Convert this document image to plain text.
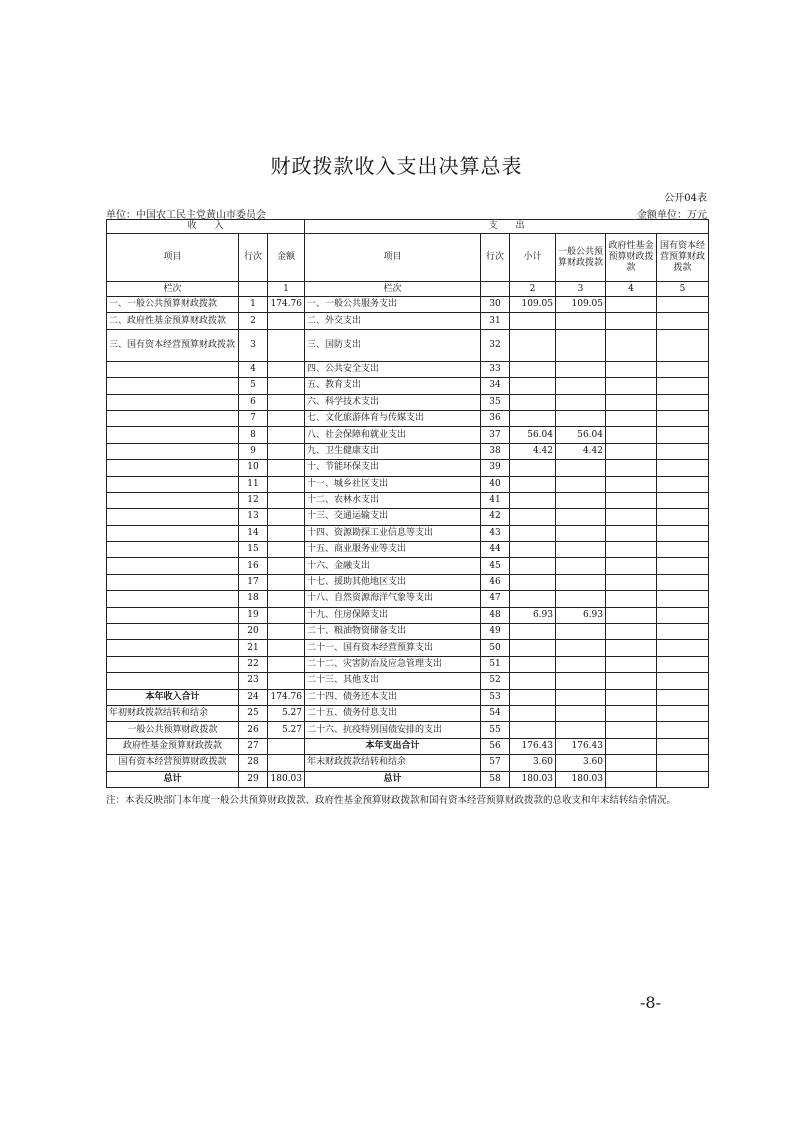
财政拨款收入支出决算总表
公开04表
单位：中国农工民主党黄山市委员会	金额单位：万元
收　　入			支　　出					
项目	行次	金额	项目	行次	小计	一般公共预算财政拨款	政府性基金预算财政拨款	国有资本经营预算财政拨款
栏次		1	栏次		2	3	4	5
一、一般公共预算财政拨款	1	174.76	一、一般公共服务支出	30	109.05	109.05		
二、政府性基金预算财政拨款	2		二、外交支出	31				
三、国有资本经营预算财政拨款	3		三、国防支出	32				
	4		四、公共安全支出	33				
	5		五、教育支出	34				
	6		六、科学技术支出	35				
	7		七、文化旅游体育与传媒支出	36				
	8		八、社会保障和就业支出	37	56.04	56.04		
	9		九、卫生健康支出	38	4.42	4.42		
	10		十、节能环保支出	39				
	11		十一、城乡社区支出	40				
	12		十二、农林水支出	41				
	13		十三、交通运输支出	42				
	14		十四、资源勘探工业信息等支出	43				
	15		十五、商业服务业等支出	44				
	16		十六、金融支出	45				
	17		十七、援助其他地区支出	46				
	18		十八、自然资源海洋气象等支出	47				
	19		十九、住房保障支出	48	6.93	6.93		
	20		二十、粮油物资储备支出	49				
	21		二十一、国有资本经营预算支出	50				
	22		二十二、灾害防治及应急管理支出	51				
	23		二十三、其他支出	52				
本年收入合计	24	174.76	二十四、债务还本支出	53				
年初财政拨款结转和结余	25	5.27	二十五、债务付息支出	54				
一般公共预算财政拨款	26	5.27	二十六、抗疫特别国债安排的支出	55				
政府性基金预算财政拨款	27		本年支出合计	56	176.43	176.43		
国有资本经营预算财政拨款	28		年末财政拨款结转和结余	57	3.60	3.60		
总计	29	180.03	总计	58	180.03	180.03		
注：本表反映部门本年度一般公共预算财政拨款、政府性基金预算财政拨款和国有资本经营预算财政拨款的总收支和年末结转结余情况。
-8-
